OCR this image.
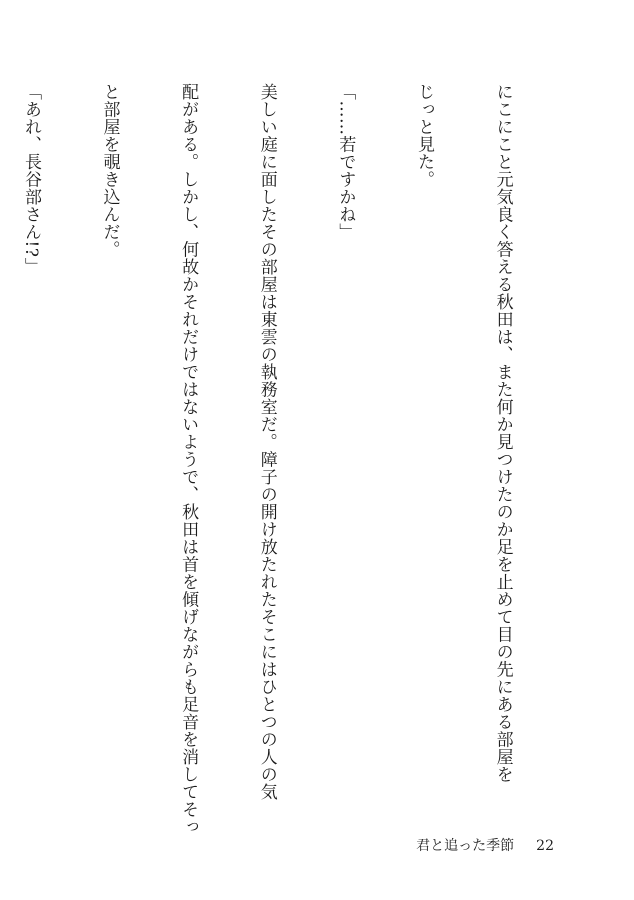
にこにこと元気良く答える秋田は、また何か見つけたのか足を止めて目の先にある部屋を

じっと見た。

「……若ですかね」

美しい庭に面したその部屋は東雲の執務室だ。障子の開け放たれたそこにはひとつの人の気

配がある。しかし、何故かそれだけではないようで、秋田は首を傾げながらも足音を消してそっ

と部屋を覗き込んだ。

「あれ、長谷部さん!?」

君と追った季節 22
